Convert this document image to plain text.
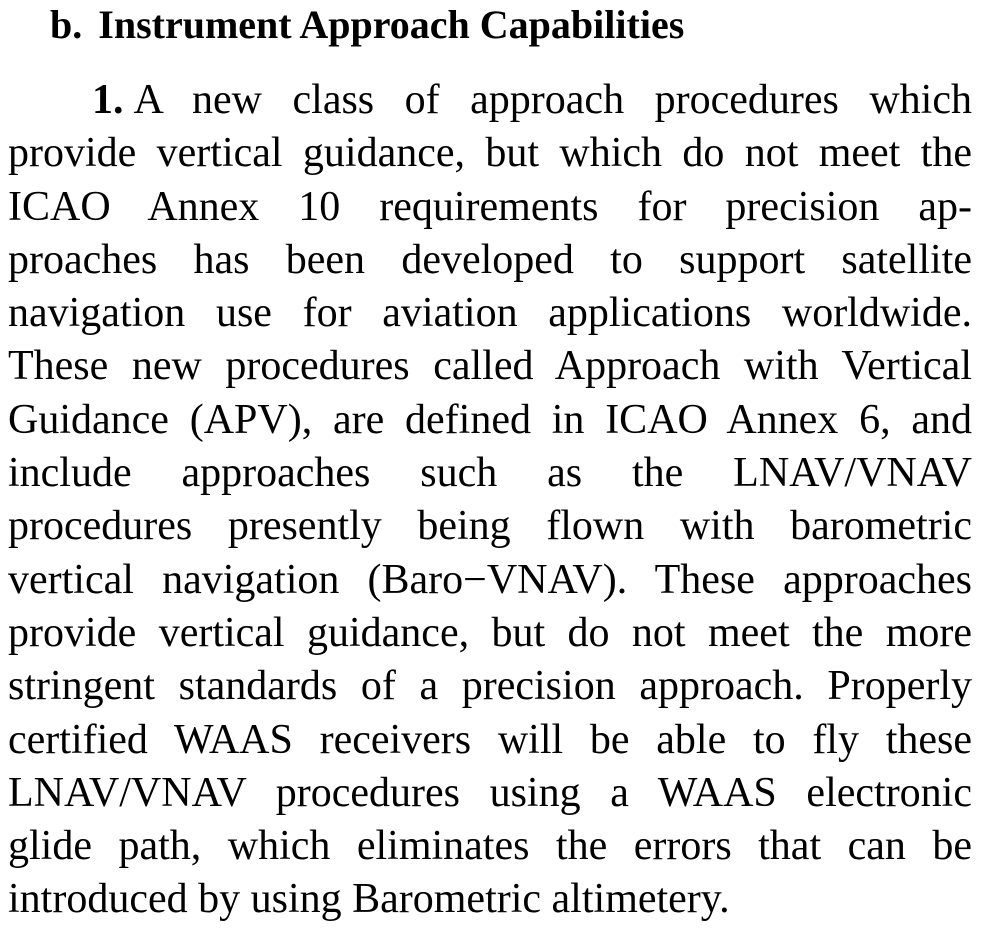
b. Instrument Approach Capabilities
1. A new class of approach procedures which
provide vertical guidance, but which do not meet the
ICAO Annex 10 requirements for precision ap-
proaches has been developed to support satellite
navigation use for aviation applications worldwide.
These new procedures called Approach with Vertical
Guidance (APV), are defined in ICAO Annex 6, and
include approaches such as the LNAV/VNAV
procedures presently being flown with barometric
vertical navigation (Baro−VNAV). These approaches
provide vertical guidance, but do not meet the more
stringent standards of a precision approach. Properly
certified WAAS receivers will be able to fly these
LNAV/VNAV procedures using a WAAS electronic
glide path, which eliminates the errors that can be
introduced by using Barometric altimetery.
